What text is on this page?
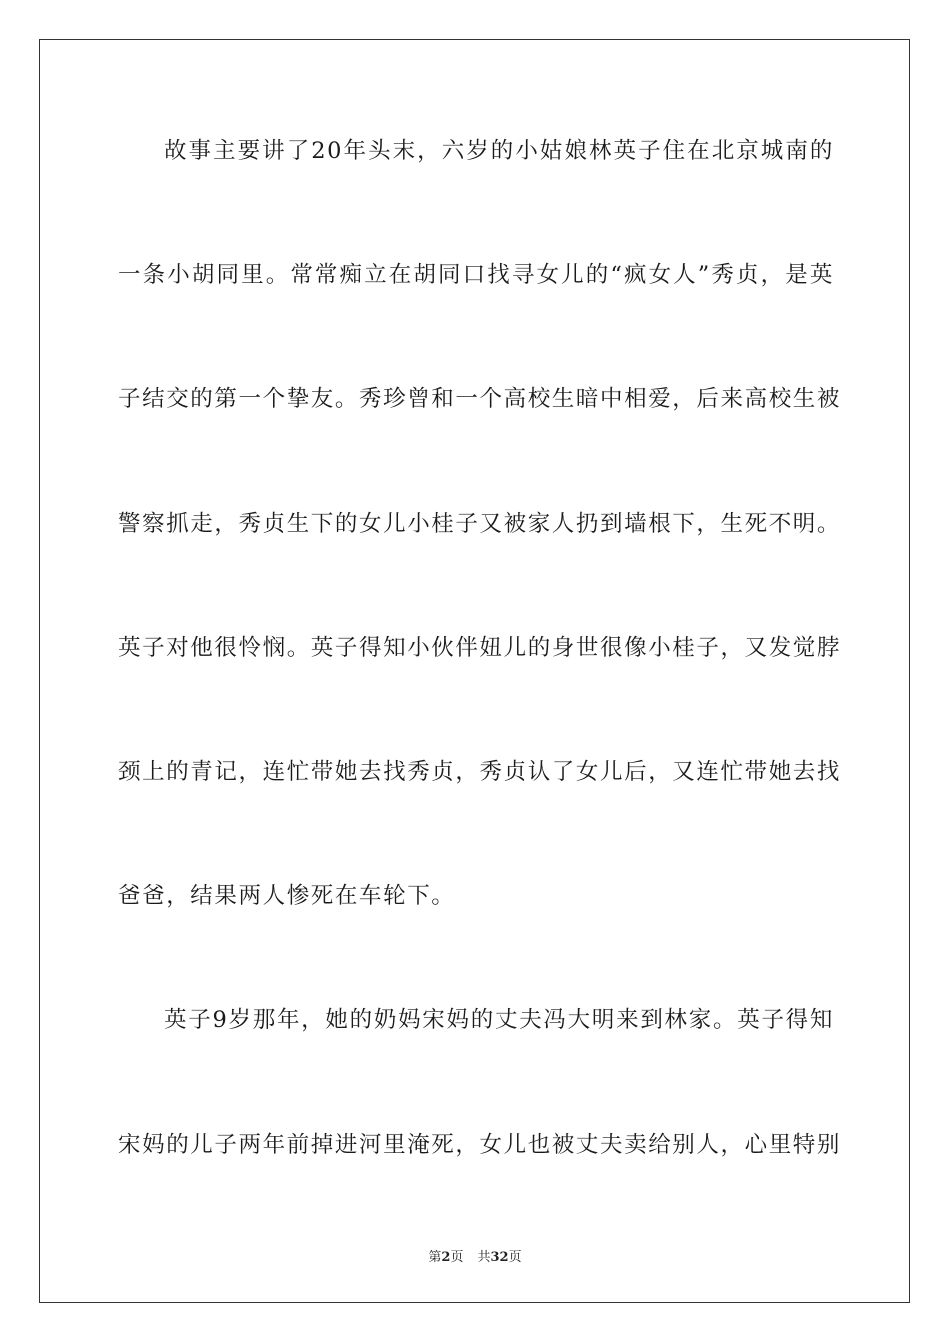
故事主要讲了20年头末，六岁的小姑娘林英子住在北京城南的
一条小胡同里。常常痴立在胡同口找寻女儿的“疯女人”秀贞，是英
子结交的第一个挚友。秀珍曾和一个高校生暗中相爱，后来高校生被
警察抓走，秀贞生下的女儿小桂子又被家人扔到墙根下，生死不明。
英子对他很怜悯。英子得知小伙伴妞儿的身世很像小桂子，又发觉脖
颈上的青记，连忙带她去找秀贞，秀贞认了女儿后，又连忙带她去找
爸爸，结果两人惨死在车轮下。
英子9岁那年，她的奶妈宋妈的丈夫冯大明来到林家。英子得知
宋妈的儿子两年前掉进河里淹死，女儿也被丈夫卖给别人，心里特别
第2页 共32页
